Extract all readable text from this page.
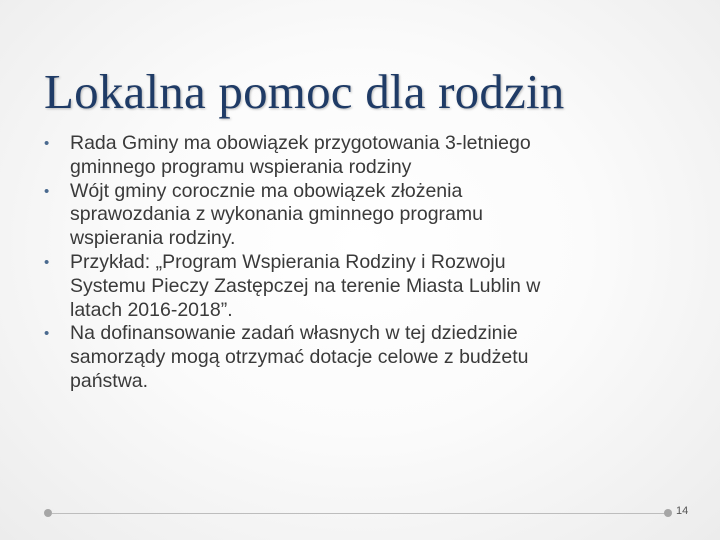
Lokalna pomoc dla rodzin
•	Rada Gminy ma obowiązek przygotowania 3-letniego
gminnego programu wspierania rodziny
•	Wójt gminy corocznie ma obowiązek złożenia
sprawozdania z wykonania gminnego programu
wspierania rodziny.
•	Przykład: „Program Wspierania Rodziny i Rozwoju
Systemu Pieczy Zastępczej na terenie Miasta Lublin w
latach 2016-2018”.
•	Na dofinansowanie zadań własnych w tej dziedzinie
samorządy mogą otrzymać dotacje celowe z budżetu
państwa.
14
